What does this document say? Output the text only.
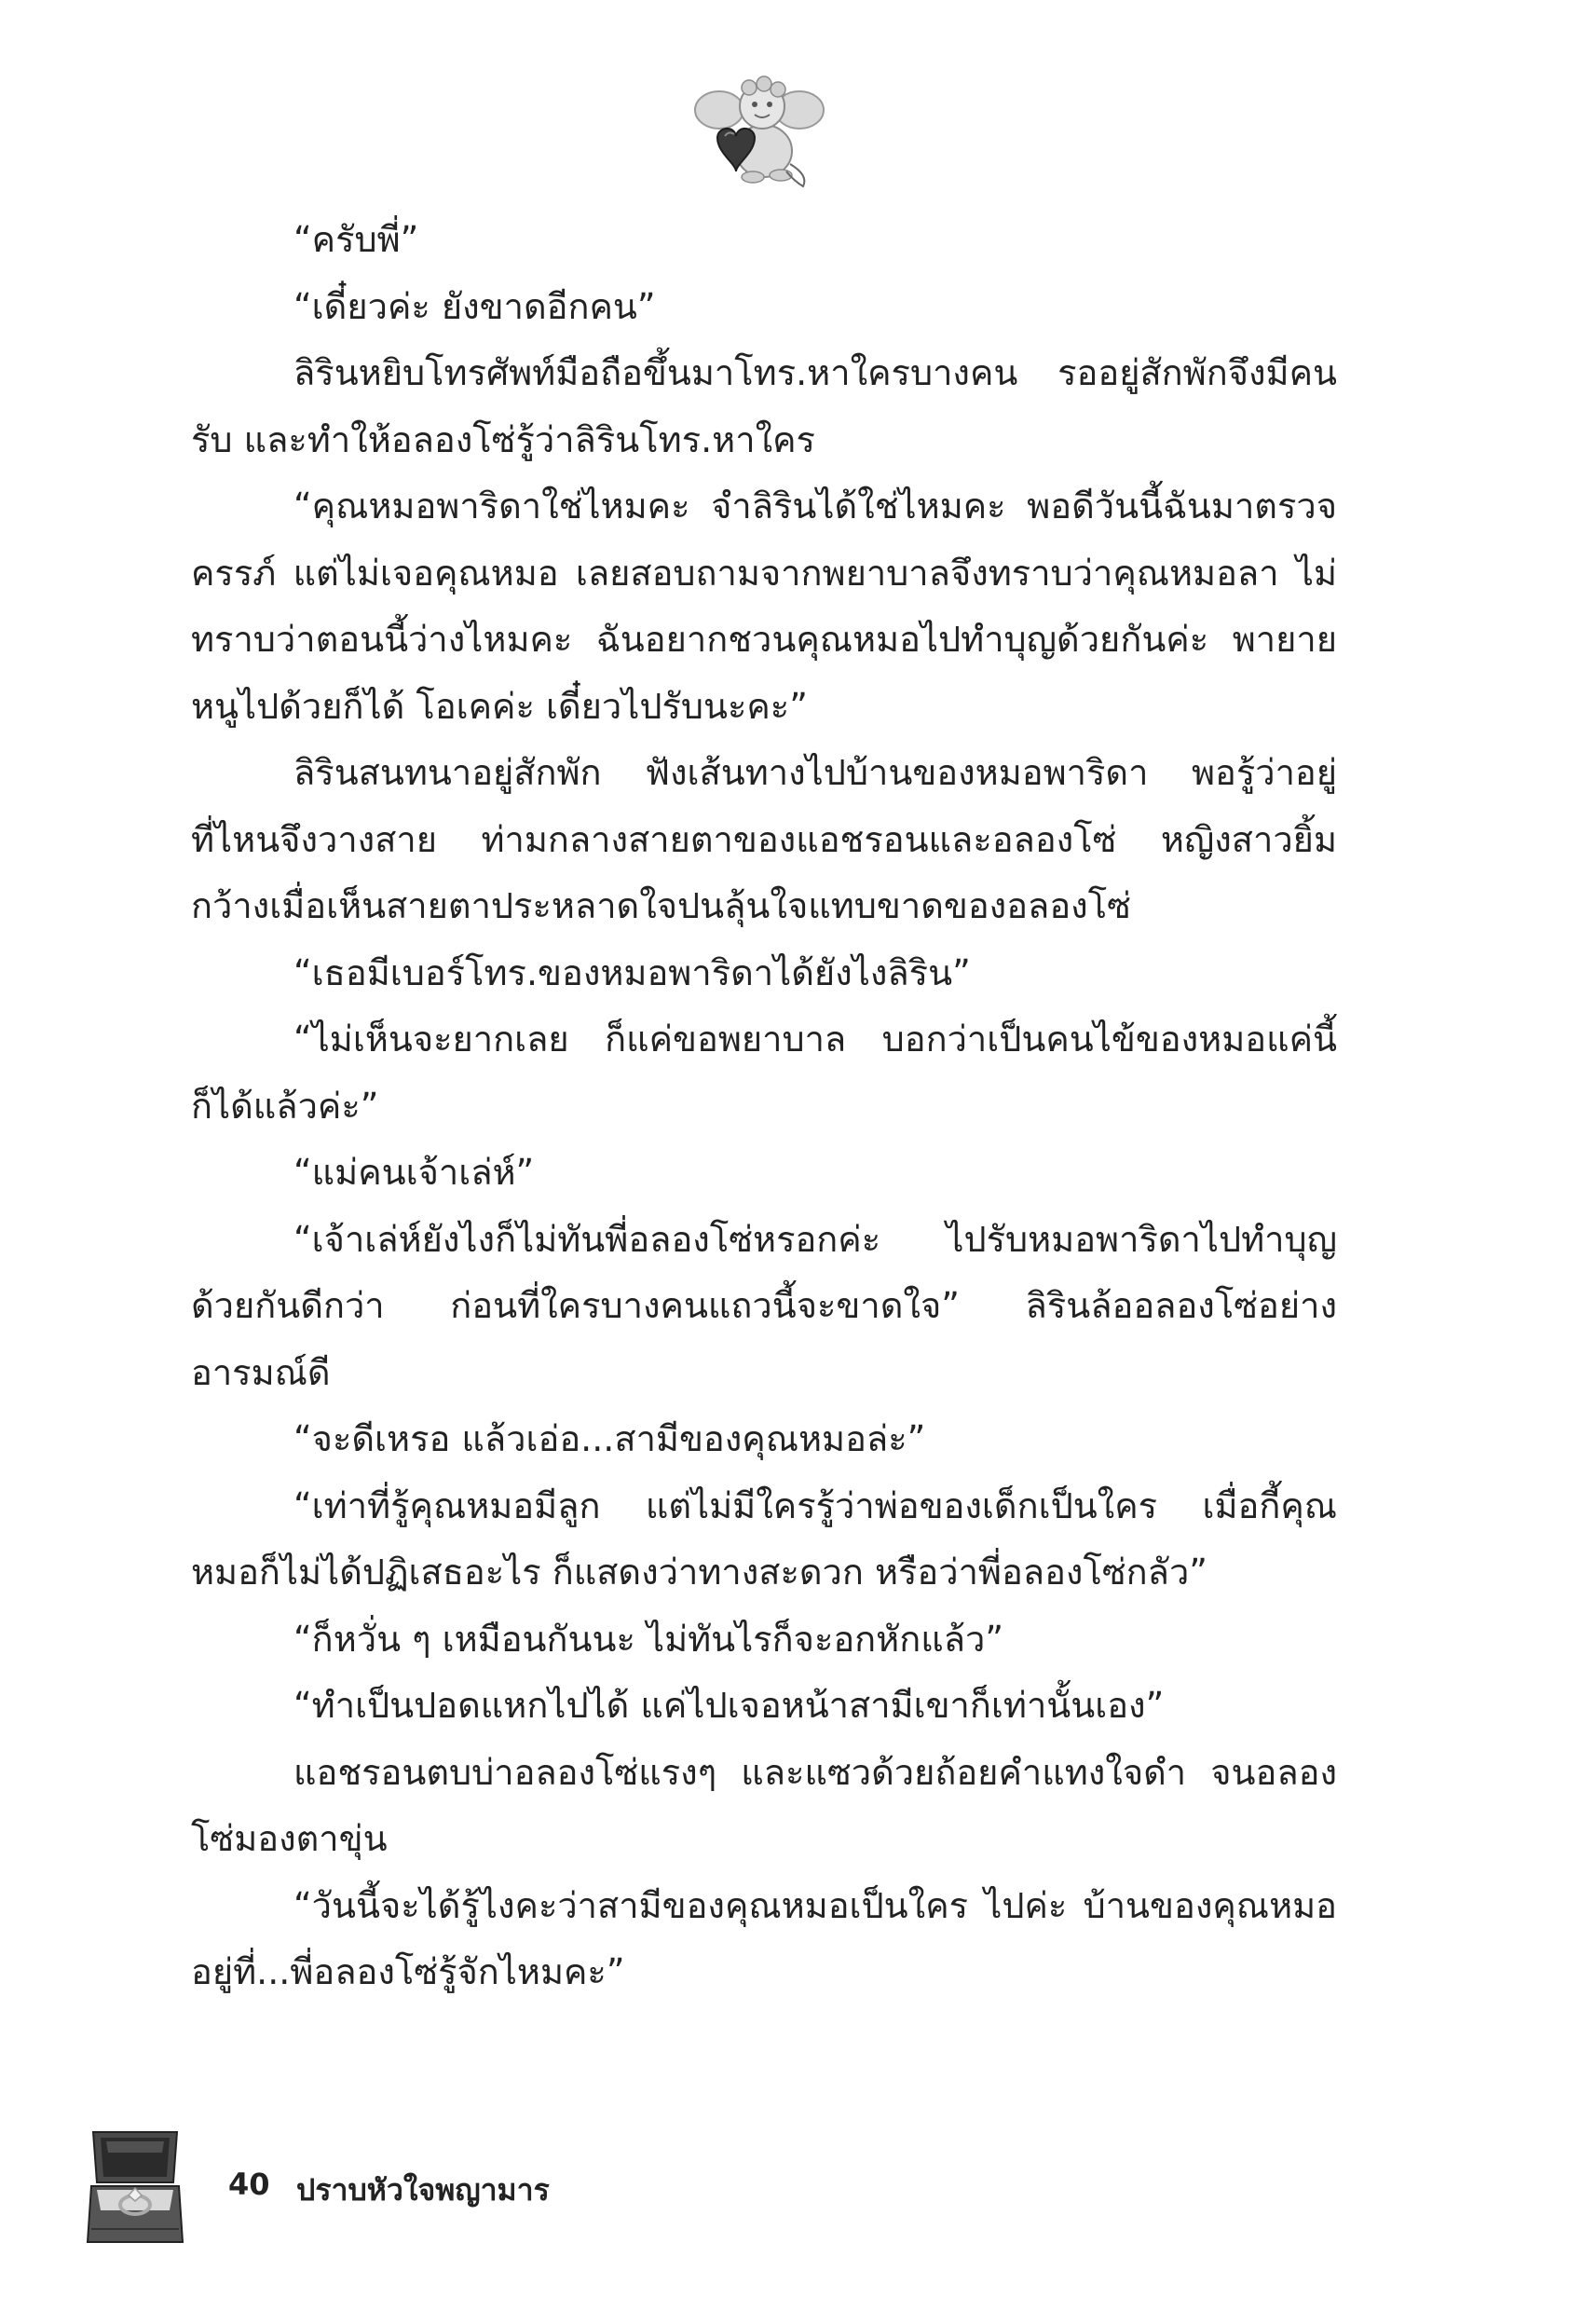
“ครับพี่”

“เดี๋ยวค่ะ ยังขาดอีกคน”

ลิรินหยิบโทรศัพท์มือถือขึ้นมาโทร.หาใครบางคน รออยู่สักพักจึงมีคนรับ และทำให้อลองโซ่รู้ว่าลิรินโทร.หาใคร

“คุณหมอพาริดาใช่ไหมคะ จำลิรินได้ใช่ไหมคะ พอดีวันนี้ฉันมาตรวจครรภ์ แต่ไม่เจอคุณหมอ เลยสอบถามจากพยาบาลจึงทราบว่าคุณหมอลา ไม่ทราบว่าตอนนี้ว่างไหมคะ ฉันอยากชวนคุณหมอไปทำบุญด้วยกันค่ะ พายายหนูไปด้วยก็ได้ โอเคค่ะ เดี๋ยวไปรับนะคะ”

ลิรินสนทนาอยู่สักพัก ฟังเส้นทางไปบ้านของหมอพาริดา พอรู้ว่าอยู่ที่ไหนจึงวางสาย ท่ามกลางสายตาของแอชรอนและอลองโซ่ หญิงสาวยิ้มกว้างเมื่อเห็นสายตาประหลาดใจปนลุ้นใจแทบขาดของอลองโซ่

“เธอมีเบอร์โทร.ของหมอพาริดาได้ยังไงลิริน”

“ไม่เห็นจะยากเลย ก็แค่ขอพยาบาล บอกว่าเป็นคนไข้ของหมอแค่นี้ก็ได้แล้วค่ะ”

“แม่คนเจ้าเล่ห์”

“เจ้าเล่ห์ยังไงก็ไม่ทันพี่อลองโซ่หรอกค่ะ ไปรับหมอพาริดาไปทำบุญด้วยกันดีกว่า ก่อนที่ใครบางคนแถวนี้จะขาดใจ” ลิรินล้ออลองโซ่อย่างอารมณ์ดี

“จะดีเหรอ แล้วเอ่อ...สามีของคุณหมอล่ะ”

“เท่าที่รู้คุณหมอมีลูก แต่ไม่มีใครรู้ว่าพ่อของเด็กเป็นใคร เมื่อกี้คุณหมอก็ไม่ได้ปฏิเสธอะไร ก็แสดงว่าทางสะดวก หรือว่าพี่อลองโซ่กลัว”

“ก็หวั่น ๆ เหมือนกันนะ ไม่ทันไรก็จะอกหักแล้ว”

“ทำเป็นปอดแหกไปได้ แค่ไปเจอหน้าสามีเขาก็เท่านั้นเอง”

แอชรอนตบบ่าอลองโซ่แรงๆ และแซวด้วยถ้อยคำแทงใจดำ จนอลองโซ่มองตาขุ่น

“วันนี้จะได้รู้ไงคะว่าสามีของคุณหมอเป็นใคร ไปค่ะ บ้านของคุณหมออยู่ที่...พี่อลองโซ่รู้จักไหมคะ”

40 ปราบหัวใจพญามาร
